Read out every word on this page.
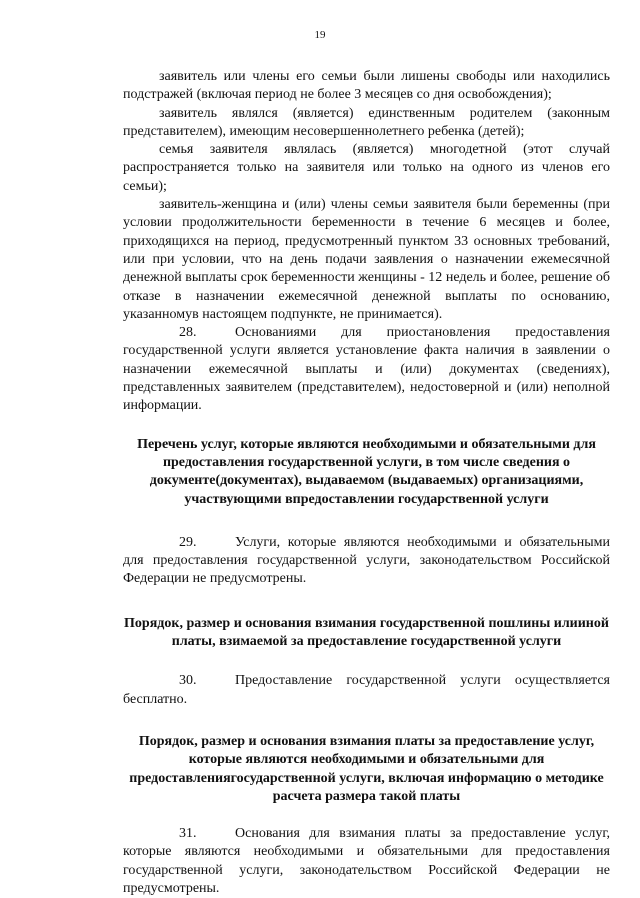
19

заявитель или члены его семьи были лишены свободы или находились подстражей (включая период не более 3 месяцев со дня освобождения);

заявитель являлся (является) единственным родителем (законным представителем), имеющим несовершеннолетнего ребенка (детей);

семья заявителя являлась (является) многодетной (этот случай распространяется только на заявителя или только на одного из членов его семьи);

заявитель-женщина и (или) члены семьи заявителя были беременны (при условии продолжительности беременности в течение 6 месяцев и более, приходящихся на период, предусмотренный пунктом 33 основных требований, или при условии, что на день подачи заявления о назначении ежемесячной денежной выплаты срок беременности женщины - 12 недель и более, решение об отказе в назначении ежемесячной денежной выплаты по основанию, указанномув настоящем подпункте, не принимается).

28.	Основаниями для приостановления предоставления государственной услуги является установление факта наличия в заявлении о назначении ежемесячной выплаты и (или) документах (сведениях), представленных заявителем (представителем), недостоверной и (или) неполной информации.

Перечень услуг, которые являются необходимыми и обязательными для предоставления государственной услуги, в том числе сведения о документе(документах), выдаваемом (выдаваемых) организациями, участвующими впредоставлении государственной услуги

29.	Услуги, которые являются необходимыми и обязательными для предоставления государственной услуги, законодательством Российской Федерации не предусмотрены.

Порядок, размер и основания взимания государственной пошлины илииной платы, взимаемой за предоставление государственной услуги

30.	Предоставление государственной услуги осуществляется бесплатно.

Порядок, размер и основания взимания платы за предоставление услуг, которые являются необходимыми и обязательными для предоставлениягосударственной услуги, включая информацию о методике расчета размера такой платы

31.	Основания для взимания платы за предоставление услуг, которые являются необходимыми и обязательными для предоставления государственной услуги, законодательством Российской Федерации не предусмотрены.
